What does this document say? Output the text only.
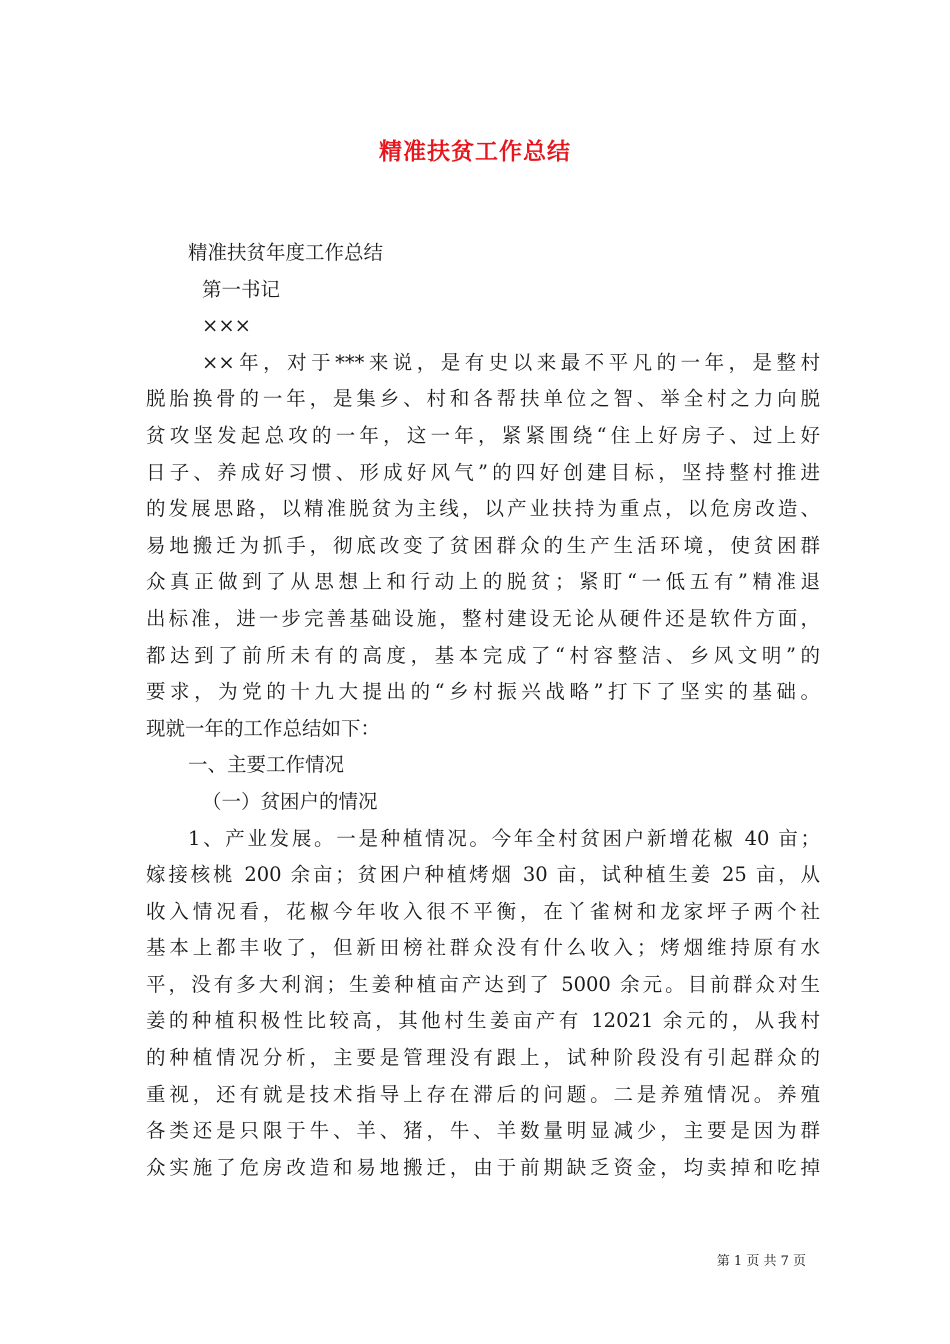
精准扶贫工作总结
精准扶贫年度工作总结
第一书记
×××
××年，对于***来说，是有史以来最不平凡的一年，是整村
脱胎换骨的一年，是集乡、村和各帮扶单位之智、举全村之力向脱
贫攻坚发起总攻的一年，这一年，紧紧围绕“住上好房子、过上好
日子、养成好习惯、形成好风气”的四好创建目标，坚持整村推进
的发展思路，以精准脱贫为主线，以产业扶持为重点，以危房改造、
易地搬迁为抓手，彻底改变了贫困群众的生产生活环境，使贫困群
众真正做到了从思想上和行动上的脱贫；紧盯“一低五有”精准退
出标准，进一步完善基础设施，整村建设无论从硬件还是软件方面，
都达到了前所未有的高度，基本完成了“村容整洁、乡风文明”的
要求，为党的十九大提出的“乡村振兴战略”打下了坚实的基础。
现就一年的工作总结如下：
一、主要工作情况
（一）贫困户的情况
1、产业发展。一是种植情况。今年全村贫困户新增花椒 40 亩；
嫁接核桃 200 余亩；贫困户种植烤烟 30 亩，试种植生姜 25 亩，从
收入情况看，花椒今年收入很不平衡，在丫雀树和龙家坪子两个社
基本上都丰收了，但新田榜社群众没有什么收入；烤烟维持原有水
平，没有多大利润；生姜种植亩产达到了 5000 余元。目前群众对生
姜的种植积极性比较高，其他村生姜亩产有 12021 余元的，从我村
的种植情况分析，主要是管理没有跟上，试种阶段没有引起群众的
重视，还有就是技术指导上存在滞后的问题。二是养殖情况。养殖
各类还是只限于牛、羊、猪，牛、羊数量明显减少，主要是因为群
众实施了危房改造和易地搬迁，由于前期缺乏资金，均卖掉和吃掉
第 1 页 共 7 页
